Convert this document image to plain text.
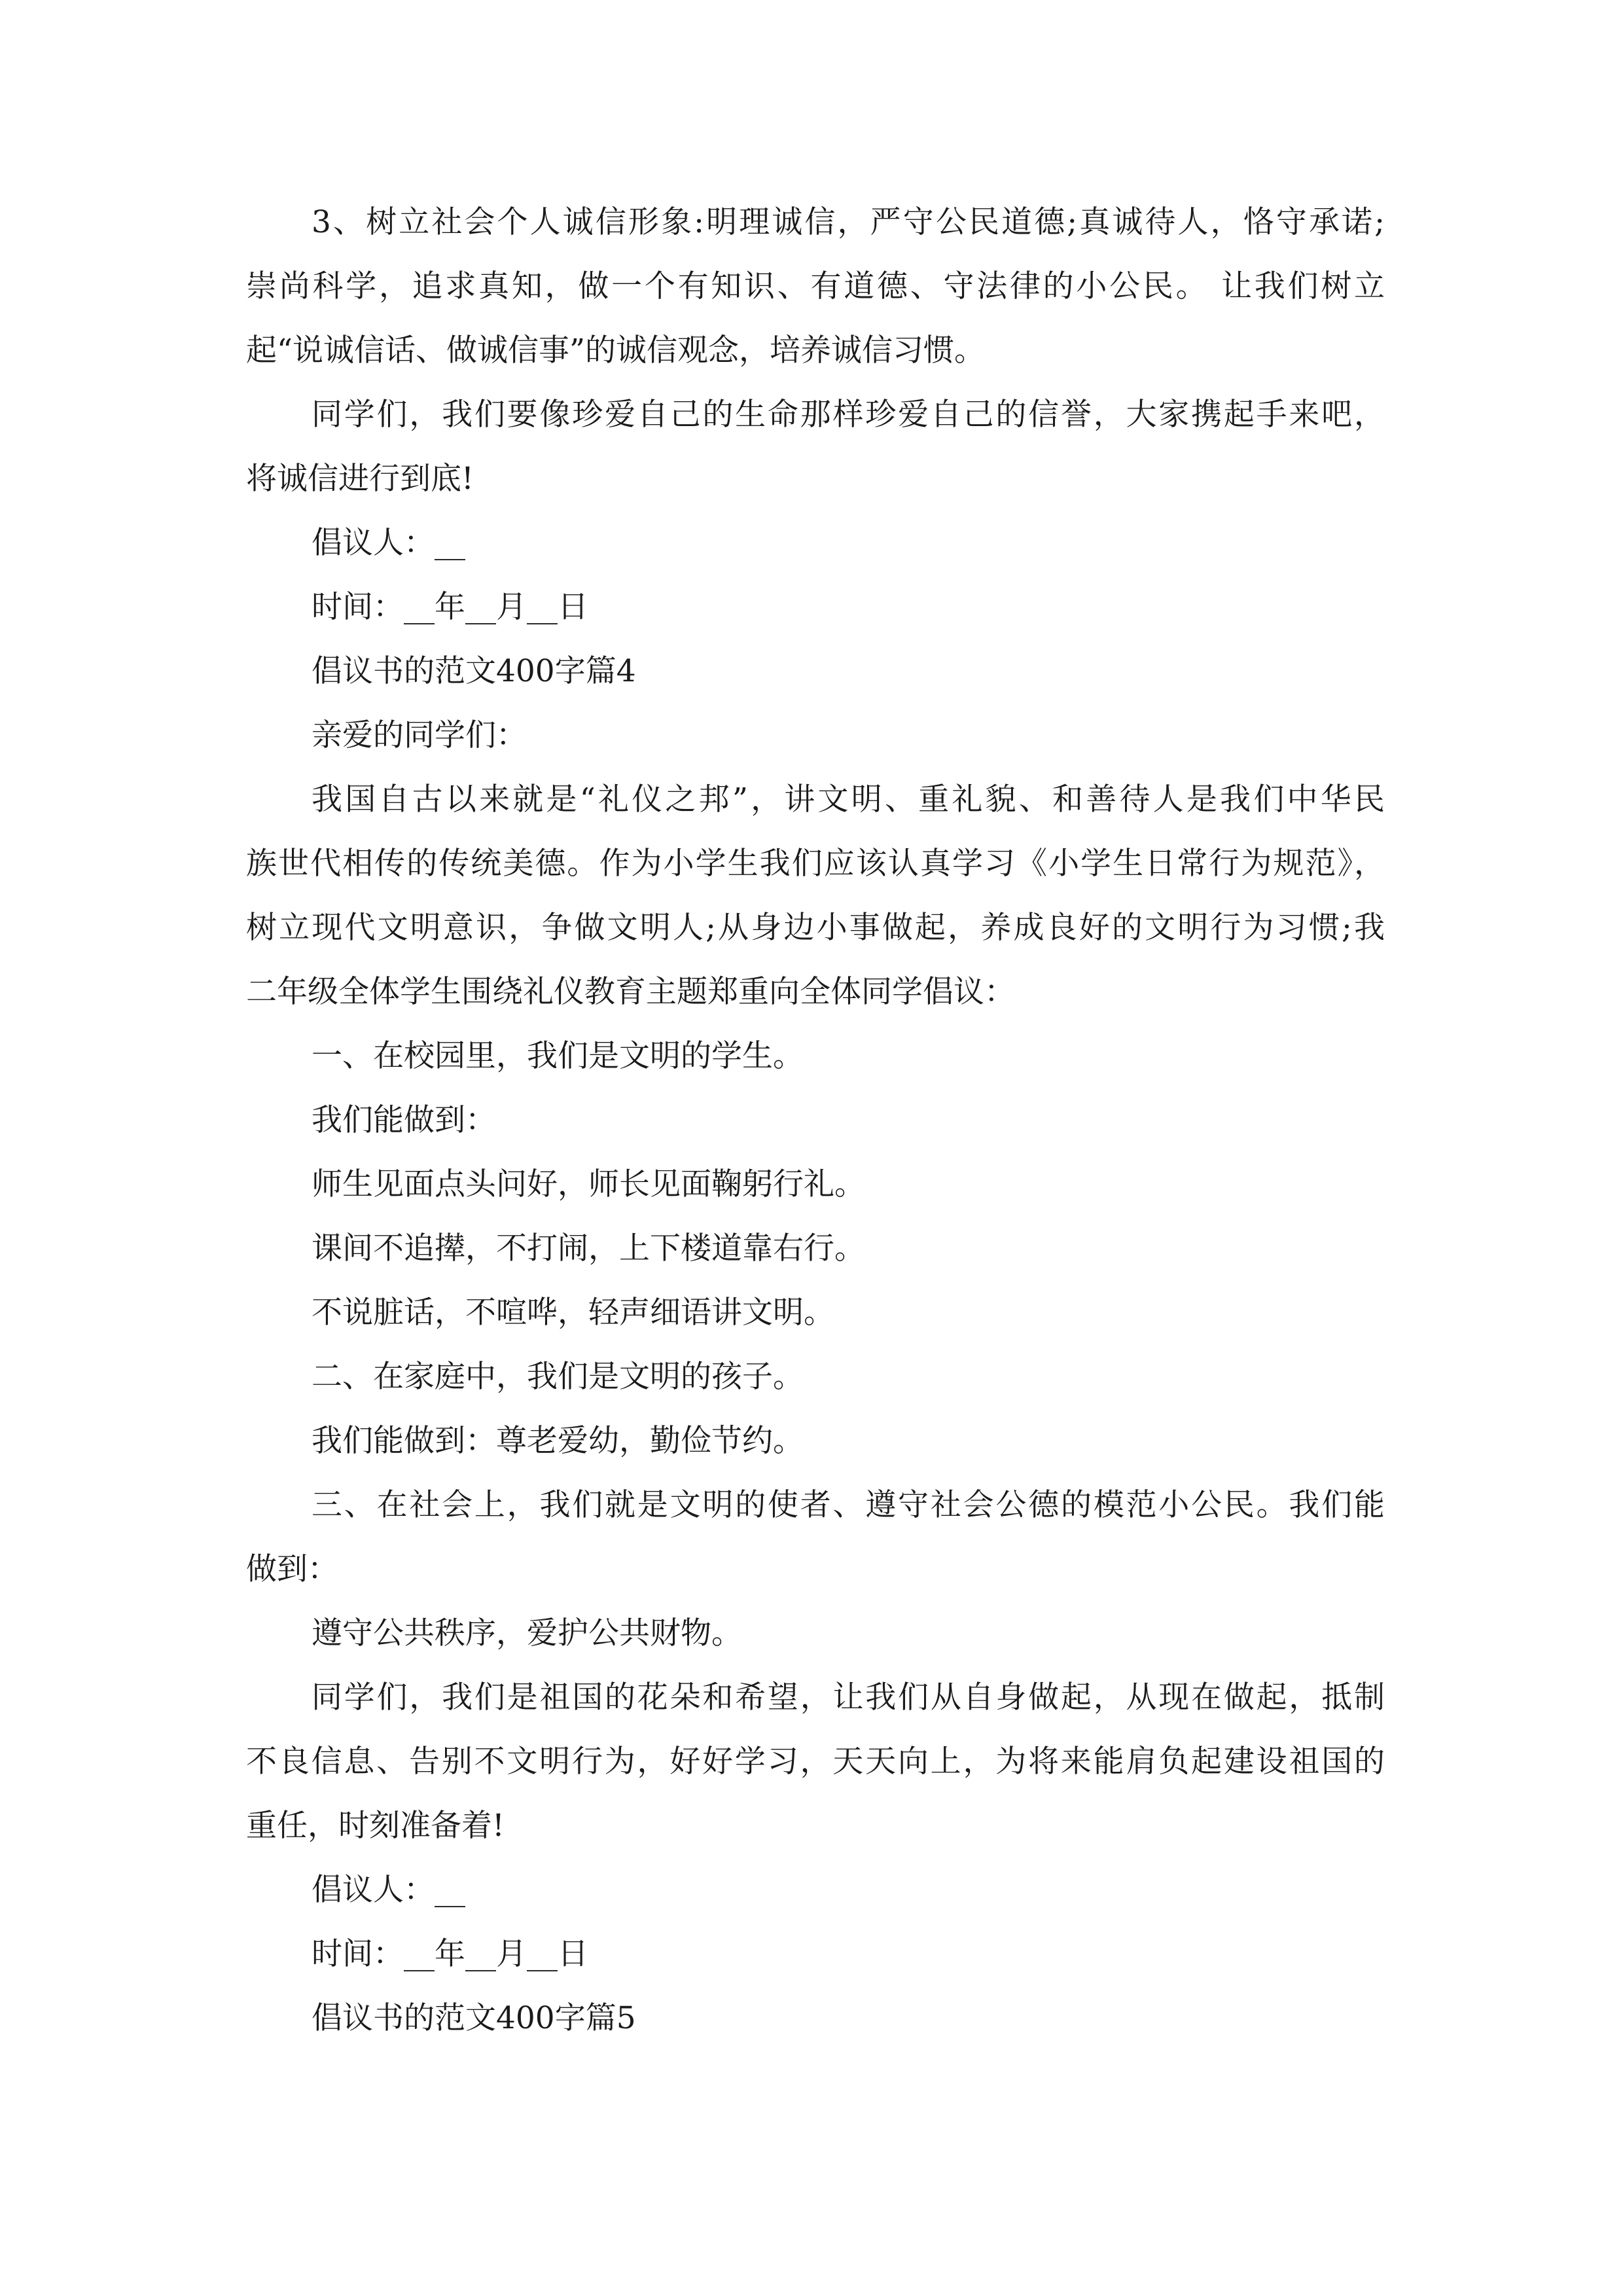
3、树立社会个人诚信形象:明理诚信，严守公民道德;真诚待人，恪守承诺;

崇尚科学，追求真知，做一个有知识、有道德、守法律的小公民。 让我们树立

起“说诚信话、做诚信事”的诚信观念，培养诚信习惯。

同学们，我们要像珍爱自己的生命那样珍爱自己的信誉，大家携起手来吧，

将诚信进行到底!

倡议人：__

时间：__年__月__日

倡议书的范文400字篇4

亲爱的同学们：

我国自古以来就是“礼仪之邦”，讲文明、重礼貌、和善待人是我们中华民

族世代相传的传统美德。作为小学生我们应该认真学习《小学生日常行为规范》，

树立现代文明意识，争做文明人;从身边小事做起，养成良好的文明行为习惯;我

二年级全体学生围绕礼仪教育主题郑重向全体同学倡议：

一、在校园里，我们是文明的学生。

我们能做到：

师生见面点头问好，师长见面鞠躬行礼。

课间不追撵，不打闹，上下楼道靠右行。

不说脏话，不喧哗，轻声细语讲文明。

二、在家庭中，我们是文明的孩子。

我们能做到：尊老爱幼，勤俭节约。

三、在社会上，我们就是文明的使者、遵守社会公德的模范小公民。我们能

做到：

遵守公共秩序，爱护公共财物。

同学们，我们是祖国的花朵和希望，让我们从自身做起，从现在做起，抵制

不良信息、告别不文明行为，好好学习，天天向上，为将来能肩负起建设祖国的

重任，时刻准备着!

倡议人：__

时间：__年__月__日

倡议书的范文400字篇5
